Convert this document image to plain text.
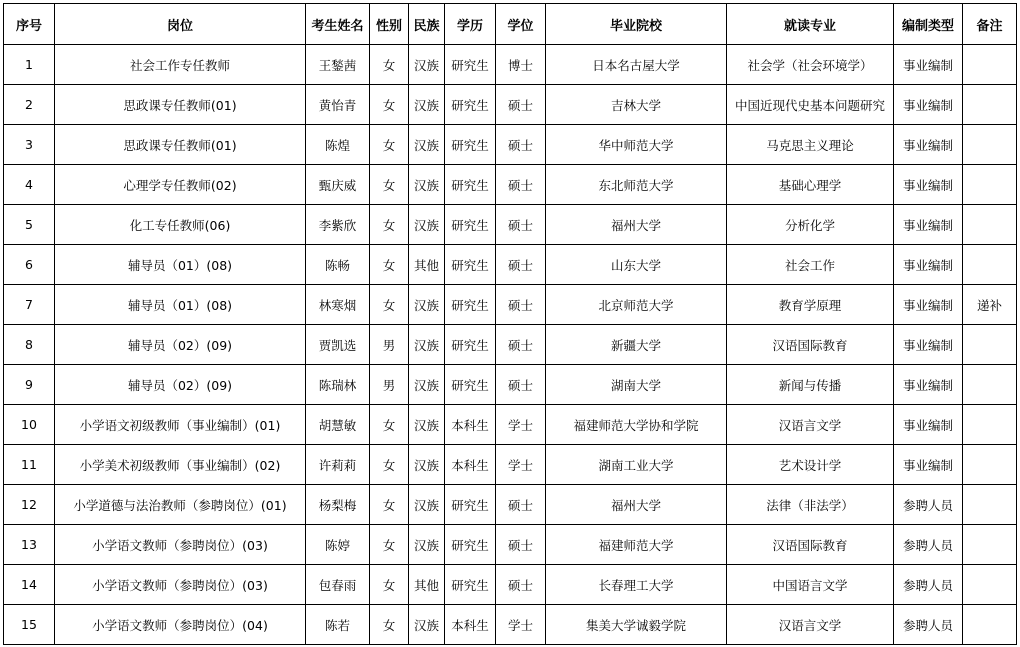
序号	岗位	考生姓名	性别	民族	学历	学位	毕业院校	就读专业	编制类型	备注
1	社会工作专任教师	王鍫茜	女	汉族	研究生	博士	日本名古屋大学	社会学（社会环境学）	事业编制	
2	思政课专任教师(01)	黄怡青	女	汉族	研究生	硕士	吉林大学	中国近现代史基本问题研究	事业编制	
3	思政课专任教师(01)	陈煌	女	汉族	研究生	硕士	华中师范大学	马克思主义理论	事业编制	
4	心理学专任教师(02)	甄庆威	女	汉族	研究生	硕士	东北师范大学	基础心理学	事业编制	
5	化工专任教师(06)	李紫欣	女	汉族	研究生	硕士	福州大学	分析化学	事业编制	
6	辅导员（01）(08)	陈畅	女	其他	研究生	硕士	山东大学	社会工作	事业编制	
7	辅导员（01）(08)	林寒烟	女	汉族	研究生	硕士	北京师范大学	教育学原理	事业编制	递补
8	辅导员（02）(09)	贾凯选	男	汉族	研究生	硕士	新疆大学	汉语国际教育	事业编制	
9	辅导员（02）(09)	陈瑞林	男	汉族	研究生	硕士	湖南大学	新闻与传播	事业编制	
10	小学语文初级教师（事业编制）(01)	胡慧敏	女	汉族	本科生	学士	福建师范大学协和学院	汉语言文学	事业编制	
11	小学美术初级教师（事业编制）(02)	许莉莉	女	汉族	本科生	学士	湖南工业大学	艺术设计学	事业编制	
12	小学道德与法治教师（参聘岗位）(01)	杨梨梅	女	汉族	研究生	硕士	福州大学	法律（非法学）	参聘人员	
13	小学语文教师（参聘岗位）(03)	陈婷	女	汉族	研究生	硕士	福建师范大学	汉语国际教育	参聘人员	
14	小学语文教师（参聘岗位）(03)	包春雨	女	其他	研究生	硕士	长春理工大学	中国语言文学	参聘人员	
15	小学语文教师（参聘岗位）(04)	陈若	女	汉族	本科生	学士	集美大学诚毅学院	汉语言文学	参聘人员	
